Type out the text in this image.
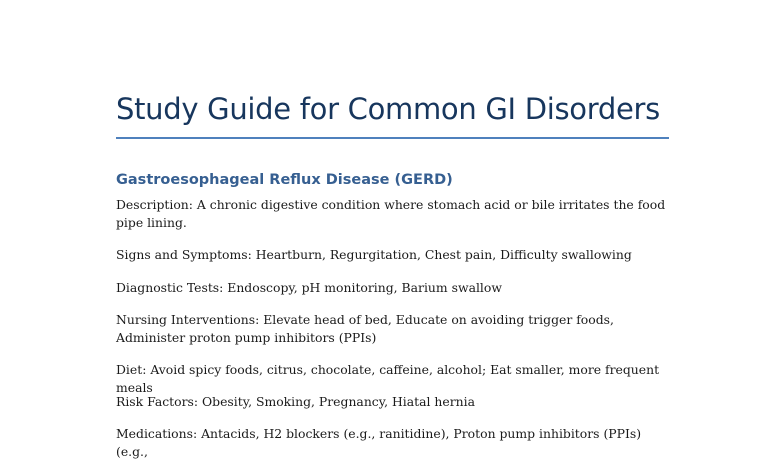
Study Guide for Common GI Disorders
Gastroesophageal Reflux Disease (GERD)

Description: A chronic digestive condition where stomach acid or bile irritates the food pipe lining.

Signs and Symptoms: Heartburn, Regurgitation, Chest pain, Difficulty swallowing

Diagnostic Tests: Endoscopy, pH monitoring, Barium swallow

Nursing Interventions: Elevate head of bed, Educate on avoiding trigger foods, Administer proton pump inhibitors (PPIs)

Diet: Avoid spicy foods, citrus, chocolate, caffeine, alcohol; Eat smaller, more frequent meals

Risk Factors: Obesity, Smoking, Pregnancy, Hiatal hernia

Medications: Antacids, H2 blockers (e.g., ranitidine), Proton pump inhibitors (PPIs) (e.g.,
